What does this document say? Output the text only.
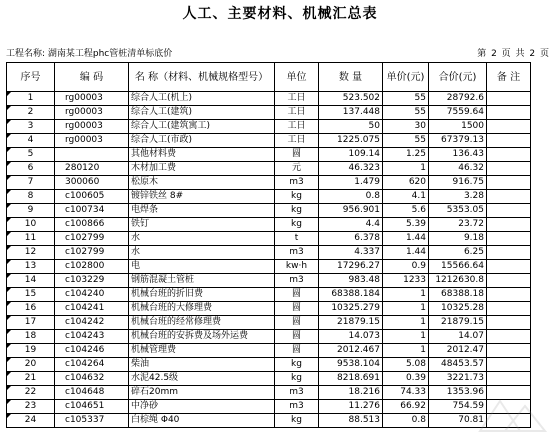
人工、主要材料、机械汇总表
工程名称: 湖南某工程phc管桩清单标底价	第 2 页 共 2 页
序号	编 码	名 称（材料、机械规格型号）	单位	数 量	单价(元)	合价(元)	备 注

1	rg00003	综合人工(机上)	工日	523.502	55	28792.6	

2	rg00003	综合人工(建筑)	工日	137.448	55	7559.64	

3	rg00003	综合人工(建筑寓工)	工日	50	30	1500	

4	rg00003	综合人工(市政)	工日	1225.075	55	67379.13	

5		其他材料费	圆	109.14	1.25	136.43	

6	280120	木材加工费	元	46.323	1	46.32	

7	300060	松原木	m3	1.479	620	916.75	

8	c100605	镀锌铁丝 8#	kg	0.8	4.1	3.28	

9	c100734	电焊条	kg	956.901	5.6	5353.05	

10	c100866	铁钉	kg	4.4	5.39	23.72	

11	c102799	水	t	6.378	1.44	9.18	

12	c102799	水	m3	4.337	1.44	6.25	

13	c102800	电	kw·h	17296.27	0.9	15566.64	

14	c103229	钢筋混凝土管桩	m3	983.48	1233	1212630.8	

15	c104240	机械台班的折旧费	圆	68388.184	1	68388.18	

16	c104241	机械台班的大修理费	圆	10325.279	1	10325.28	

17	c104242	机械台班的经常修理费	圆	21879.15	1	21879.15	

18	c104243	机械台班的安拆费及场外运费	圆	14.073	1	14.07	

19	c104246	机械管理费	圆	2012.467	1	2012.47	

20	c104264	柴油	kg	9538.104	5.08	48453.57	

21	c104632	水泥42.5级	kg	8218.691	0.39	3221.73	

22	c104648	碎石20mm	m3	18.216	74.33	1353.96	

23	c104651	中净砂	m3	11.276	66.92	754.59	

24	c105337	白棕绳 Φ40	kg	88.513	0.8	70.81	
